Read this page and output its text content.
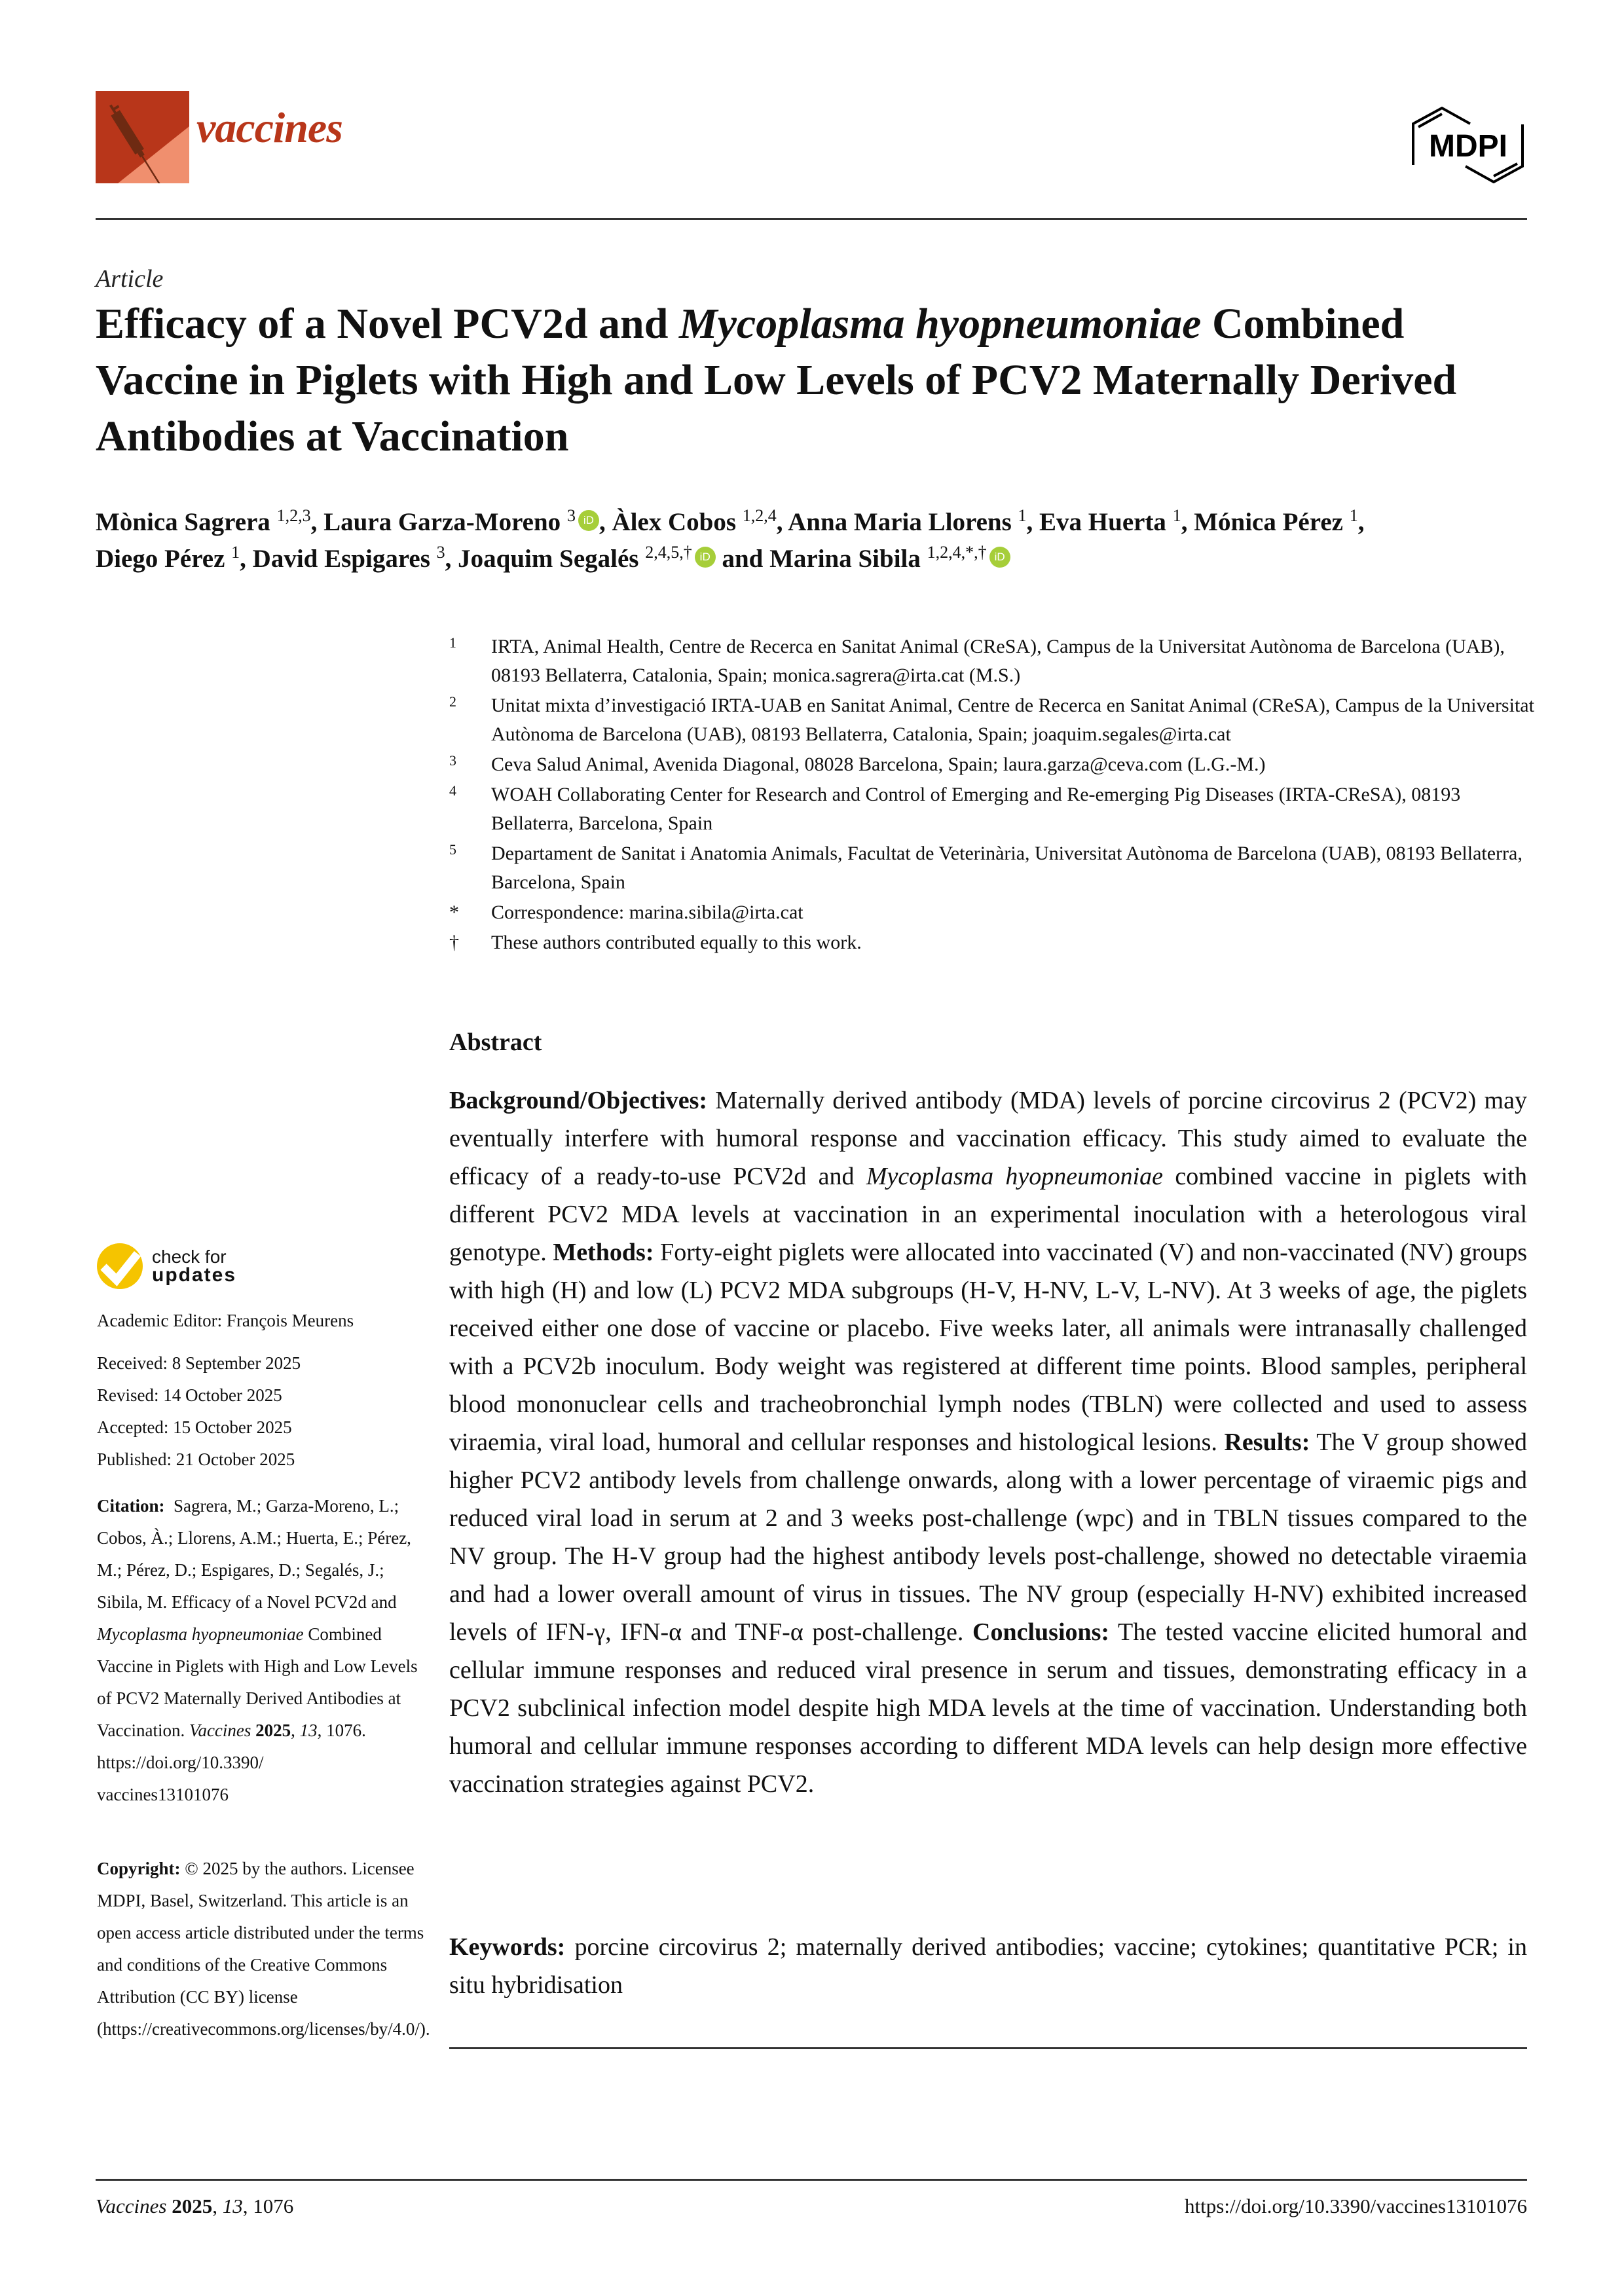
vaccines	MDPI
Article
Efficacy of a Novel PCV2d and Mycoplasma hyopneumoniae Combined Vaccine in Piglets with High and Low Levels of PCV2 Maternally Derived Antibodies at Vaccination
Mònica Sagrera $^{1,2,3}$, Laura Garza-Moreno $^3$ iD , Àlex Cobos $^{1,2,4}$, Anna Maria Llorens $^1$, Eva Huerta $^1$, Mónica Pérez $^1$,
Diego Pérez $^1$, David Espigares $^3$, Joaquim Segalés $^{2,4,5,\dagger}$ iD and Marina Sibila $^{1,2,4,*,\dagger}$ iD
1 IRTA, Animal Health, Centre de Recerca en Sanitat Animal (CReSA), Campus de la Universitat Autònoma de Barcelona (UAB), 08193 Bellaterra, Catalonia, Spain; monica.sagrera@irta.cat (M.S.)
2 Unitat mixta d’investigació IRTA-UAB en Sanitat Animal, Centre de Recerca en Sanitat Animal (CReSA), Campus de la Universitat Autònoma de Barcelona (UAB), 08193 Bellaterra, Catalonia, Spain; joaquim.segales@irta.cat
3 Ceva Salud Animal, Avenida Diagonal, 08028 Barcelona, Spain; laura.garza@ceva.com (L.G.-M.)
4 WOAH Collaborating Center for Research and Control of Emerging and Re-emerging Pig Diseases (IRTA-CReSA), 08193 Bellaterra, Barcelona, Spain
5 Departament de Sanitat i Anatomia Animals, Facultat de Veterinària, Universitat Autònoma de Barcelona (UAB), 08193 Bellaterra, Barcelona, Spain
* Correspondence: marina.sibila@irta.cat
† These authors contributed equally to this work.
check for
updates
Academic Editor: François Meurens
Received: 8 September 2025
Revised: 14 October 2025
Accepted: 15 October 2025
Published: 21 October 2025
Citation: Sagrera, M.; Garza-Moreno, L.; Cobos, À.; Llorens, A.M.; Huerta, E.; Pérez, M.; Pérez, D.; Espigares, D.; Segalés, J.; Sibila, M. Efficacy of a Novel PCV2d and Mycoplasma hyopneumoniae Combined Vaccine in Piglets with High and Low Levels of PCV2 Maternally Derived Antibodies at Vaccination. Vaccines 2025, 13, 1076.
https://doi.org/10.3390/
vaccines13101076
Copyright: © 2025 by the authors. Licensee MDPI, Basel, Switzerland. This article is an open access article distributed under the terms and conditions of the Creative Commons Attribution (CC BY) license (https://creativecommons.org/licenses/by/4.0/).
Abstract
Background/Objectives: Maternally derived antibody (MDA) levels of porcine circovirus 2 (PCV2) may eventually interfere with humoral response and vaccination efficacy. This study aimed to evaluate the efficacy of a ready-to-use PCV2d and Mycoplasma hyopneumoniae combined vaccine in piglets with different PCV2 MDA levels at vaccination in an experimental inoculation with a heterologous viral genotype. Methods: Forty-eight piglets were allocated into vaccinated (V) and non-vaccinated (NV) groups with high (H) and low (L) PCV2 MDA subgroups (H-V, H-NV, L-V, L-NV). At 3 weeks of age, the piglets received either one dose of vaccine or placebo. Five weeks later, all animals were intranasally challenged with a PCV2b inoculum. Body weight was registered at different time points. Blood samples, peripheral blood mononuclear cells and tracheobronchial lymph nodes (TBLN) were collected and used to assess viraemia, viral load, humoral and cellular responses and histological lesions. Results: The V group showed higher PCV2 antibody levels from challenge onwards, along with a lower percentage of viraemic pigs and reduced viral load in serum at 2 and 3 weeks post-challenge (wpc) and in TBLN tissues compared to the NV group. The H-V group had the highest antibody levels post-challenge, showed no detectable viraemia and had a lower overall amount of virus in tissues. The NV group (especially H-NV) exhibited increased levels of IFN-γ, IFN-α and TNF-α post-challenge. Conclusions: The tested vaccine elicited humoral and cellular immune responses and reduced viral presence in serum and tissues, demonstrating efficacy in a PCV2 subclinical infection model despite high MDA levels at the time of vaccination. Understanding both humoral and cellular immune responses according to different MDA levels can help design more effective vaccination strategies against PCV2.
Keywords: porcine circovirus 2; maternally derived antibodies; vaccine; cytokines; quantitative PCR; in situ hybridisation
Vaccines 2025, 13, 1076	https://doi.org/10.3390/vaccines13101076
